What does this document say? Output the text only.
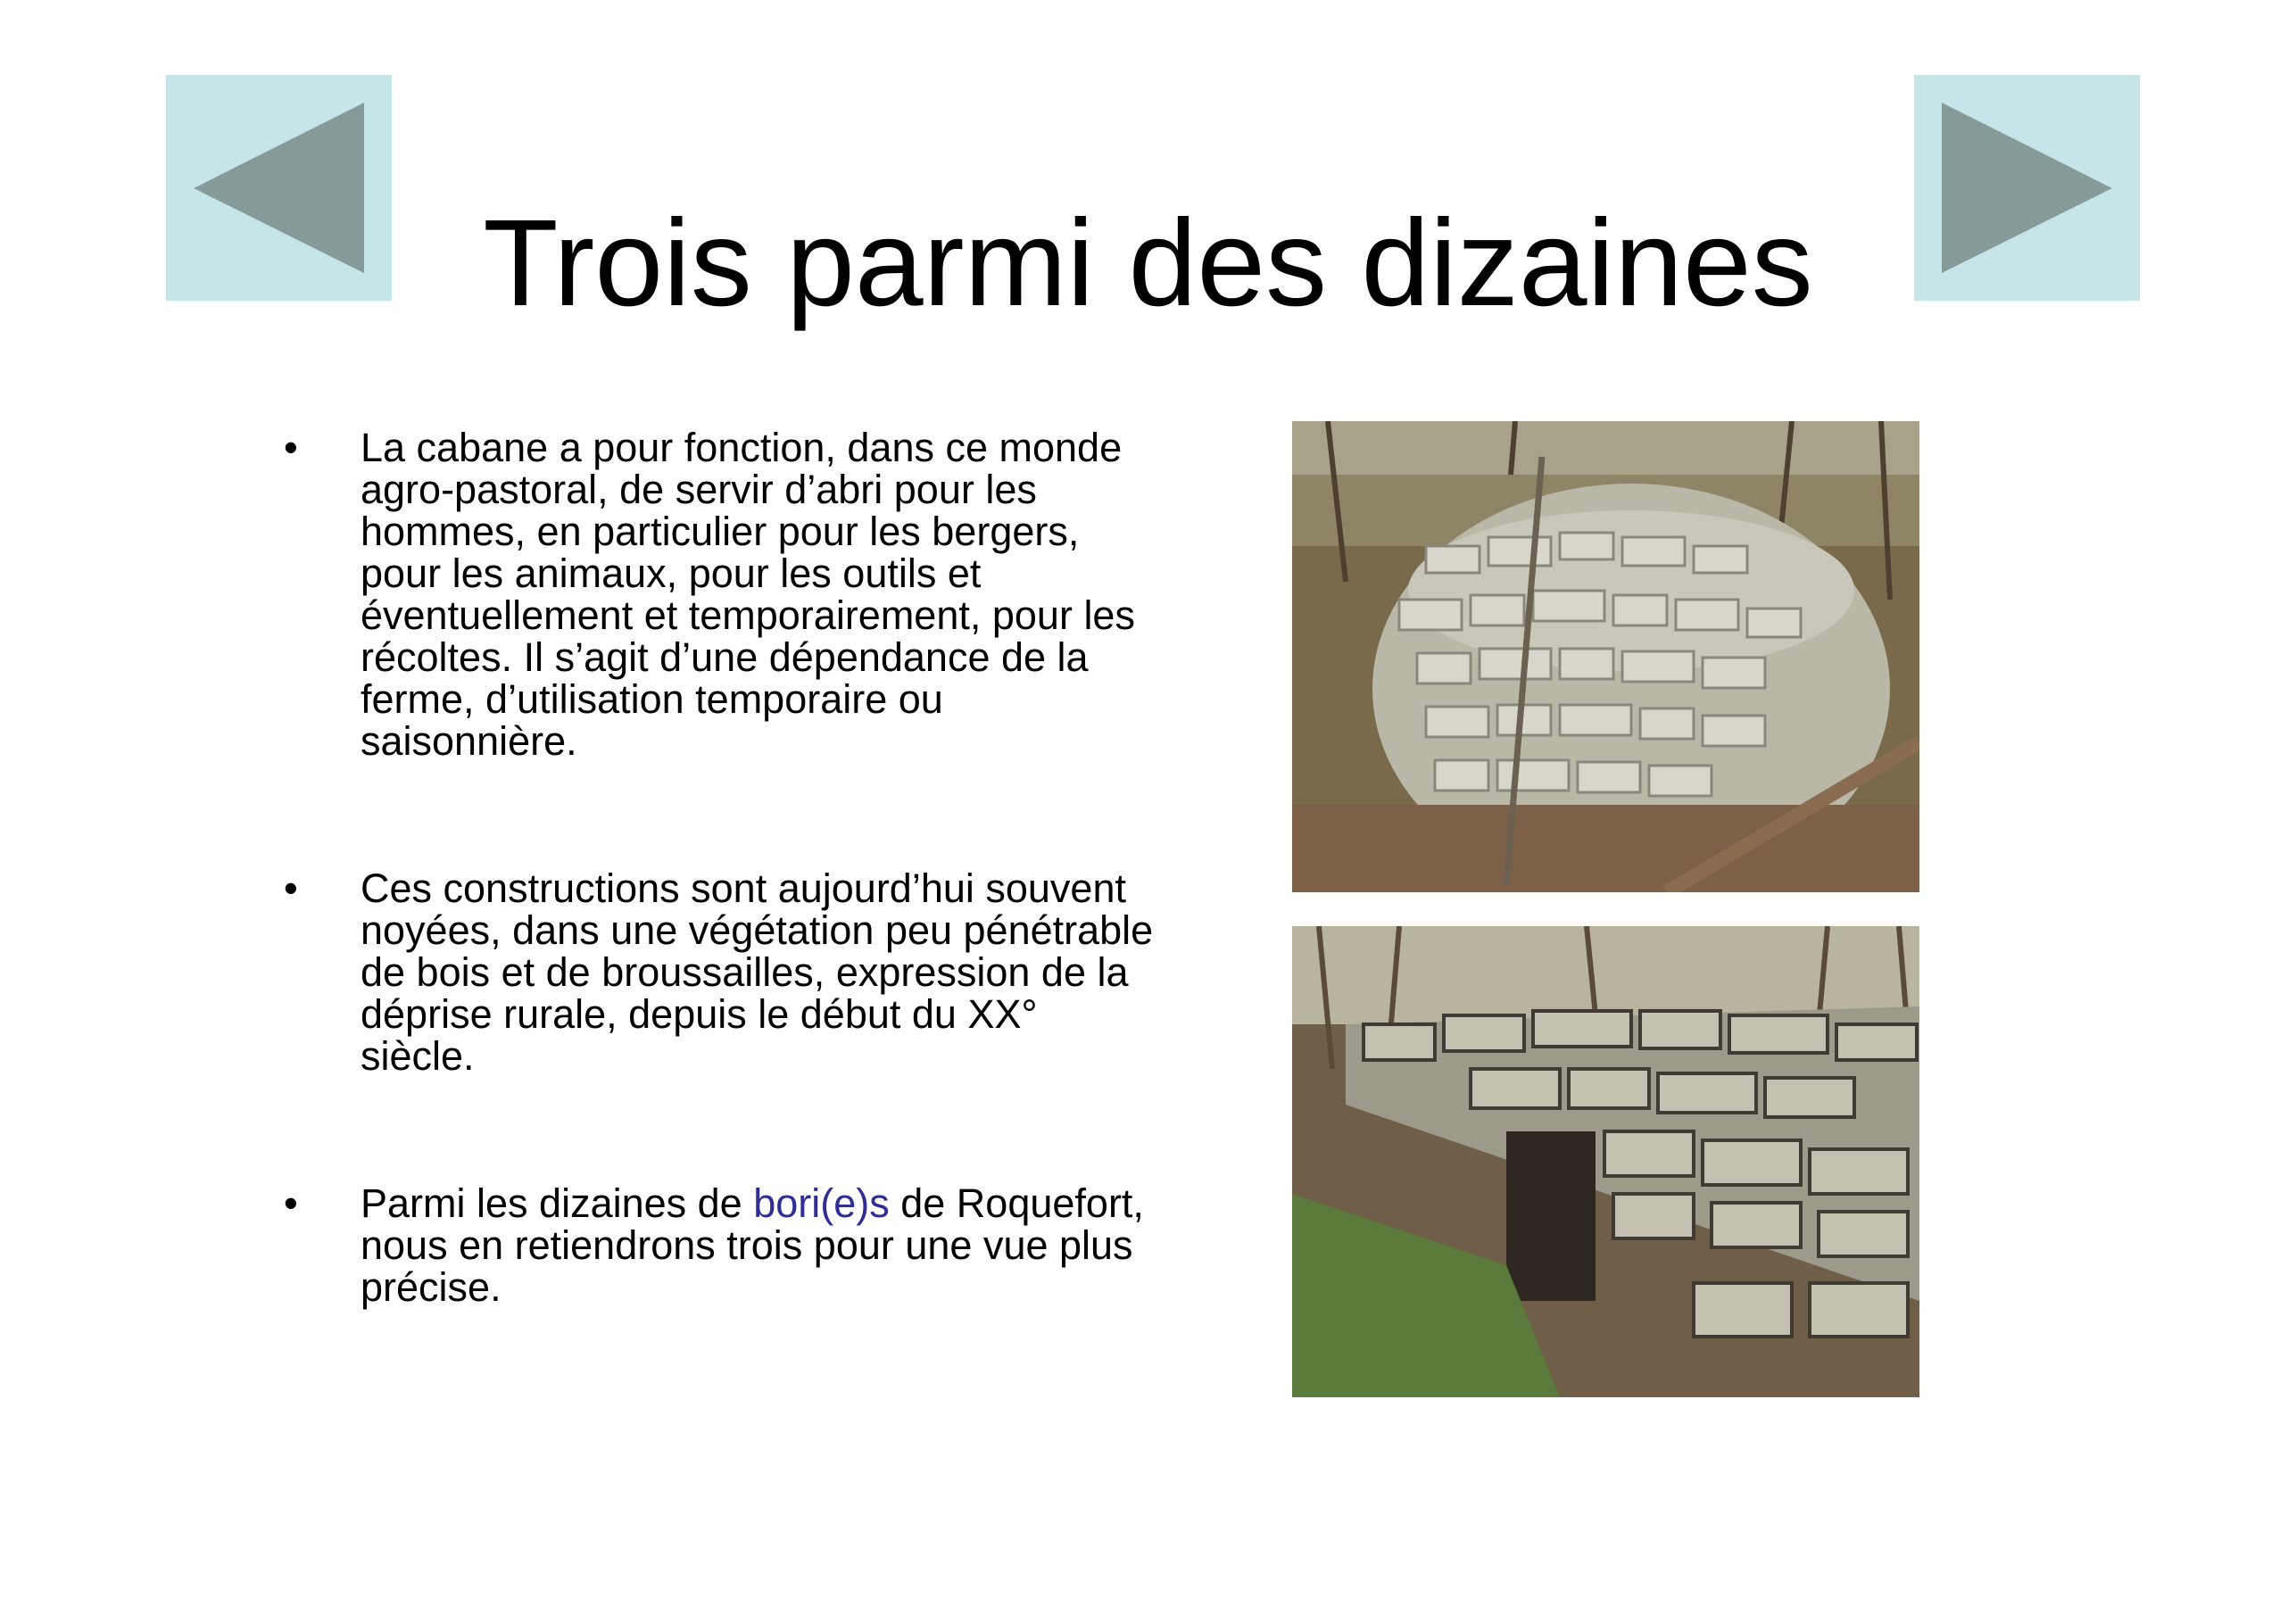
Trois parmi des dizaines
• La cabane a pour fonction, dans ce monde agro-pastoral, de servir d’abri pour les hommes, en particulier pour les bergers, pour les animaux, pour les outils et éventuellement et temporairement, pour les récoltes. Il s’agit d’une dépendance de la ferme, d’utilisation temporaire ou saisonnière.
• Ces constructions sont aujourd’hui souvent noyées, dans une végétation peu pénétrable de bois et de broussailles, expression de la déprise rurale, depuis le début du XX° siècle.
• Parmi les dizaines de bori(e)s de Roquefort, nous en retiendrons trois pour une vue plus précise.
